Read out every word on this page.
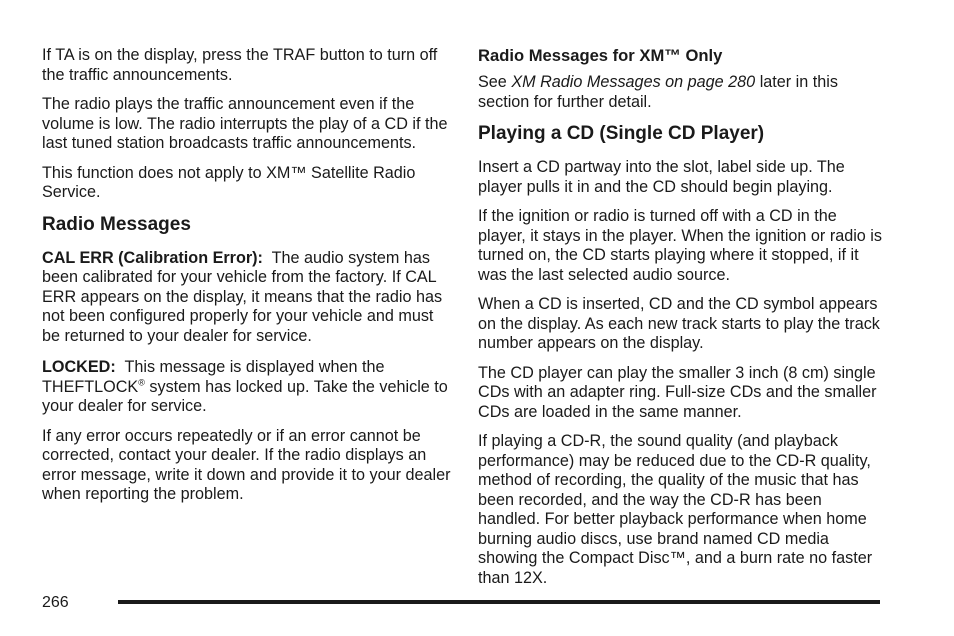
If TA is on the display, press the TRAF button to turn off the traffic announcements.

The radio plays the traffic announcement even if the volume is low. The radio interrupts the play of a CD if the last tuned station broadcasts traffic announcements.

This function does not apply to XM™ Satellite Radio Service.

Radio Messages

CAL ERR (Calibration Error): The audio system has been calibrated for your vehicle from the factory. If CAL ERR appears on the display, it means that the radio has not been configured properly for your vehicle and must be returned to your dealer for service.

LOCKED: This message is displayed when the THEFTLOCK® system has locked up. Take the vehicle to your dealer for service.

If any error occurs repeatedly or if an error cannot be corrected, contact your dealer. If the radio displays an error message, write it down and provide it to your dealer when reporting the problem.

Radio Messages for XM™ Only

See XM Radio Messages on page 280 later in this section for further detail.

Playing a CD (Single CD Player)

Insert a CD partway into the slot, label side up. The player pulls it in and the CD should begin playing.

If the ignition or radio is turned off with a CD in the player, it stays in the player. When the ignition or radio is turned on, the CD starts playing where it stopped, if it was the last selected audio source.

When a CD is inserted, CD and the CD symbol appears on the display. As each new track starts to play the track number appears on the display.

The CD player can play the smaller 3 inch (8 cm) single CDs with an adapter ring. Full-size CDs and the smaller CDs are loaded in the same manner.

If playing a CD-R, the sound quality (and playback performance) may be reduced due to the CD-R quality, method of recording, the quality of the music that has been recorded, and the way the CD-R has been handled. For better playback performance when home burning audio discs, use brand named CD media showing the Compact Disc™, and a burn rate no faster than 12X.

266
